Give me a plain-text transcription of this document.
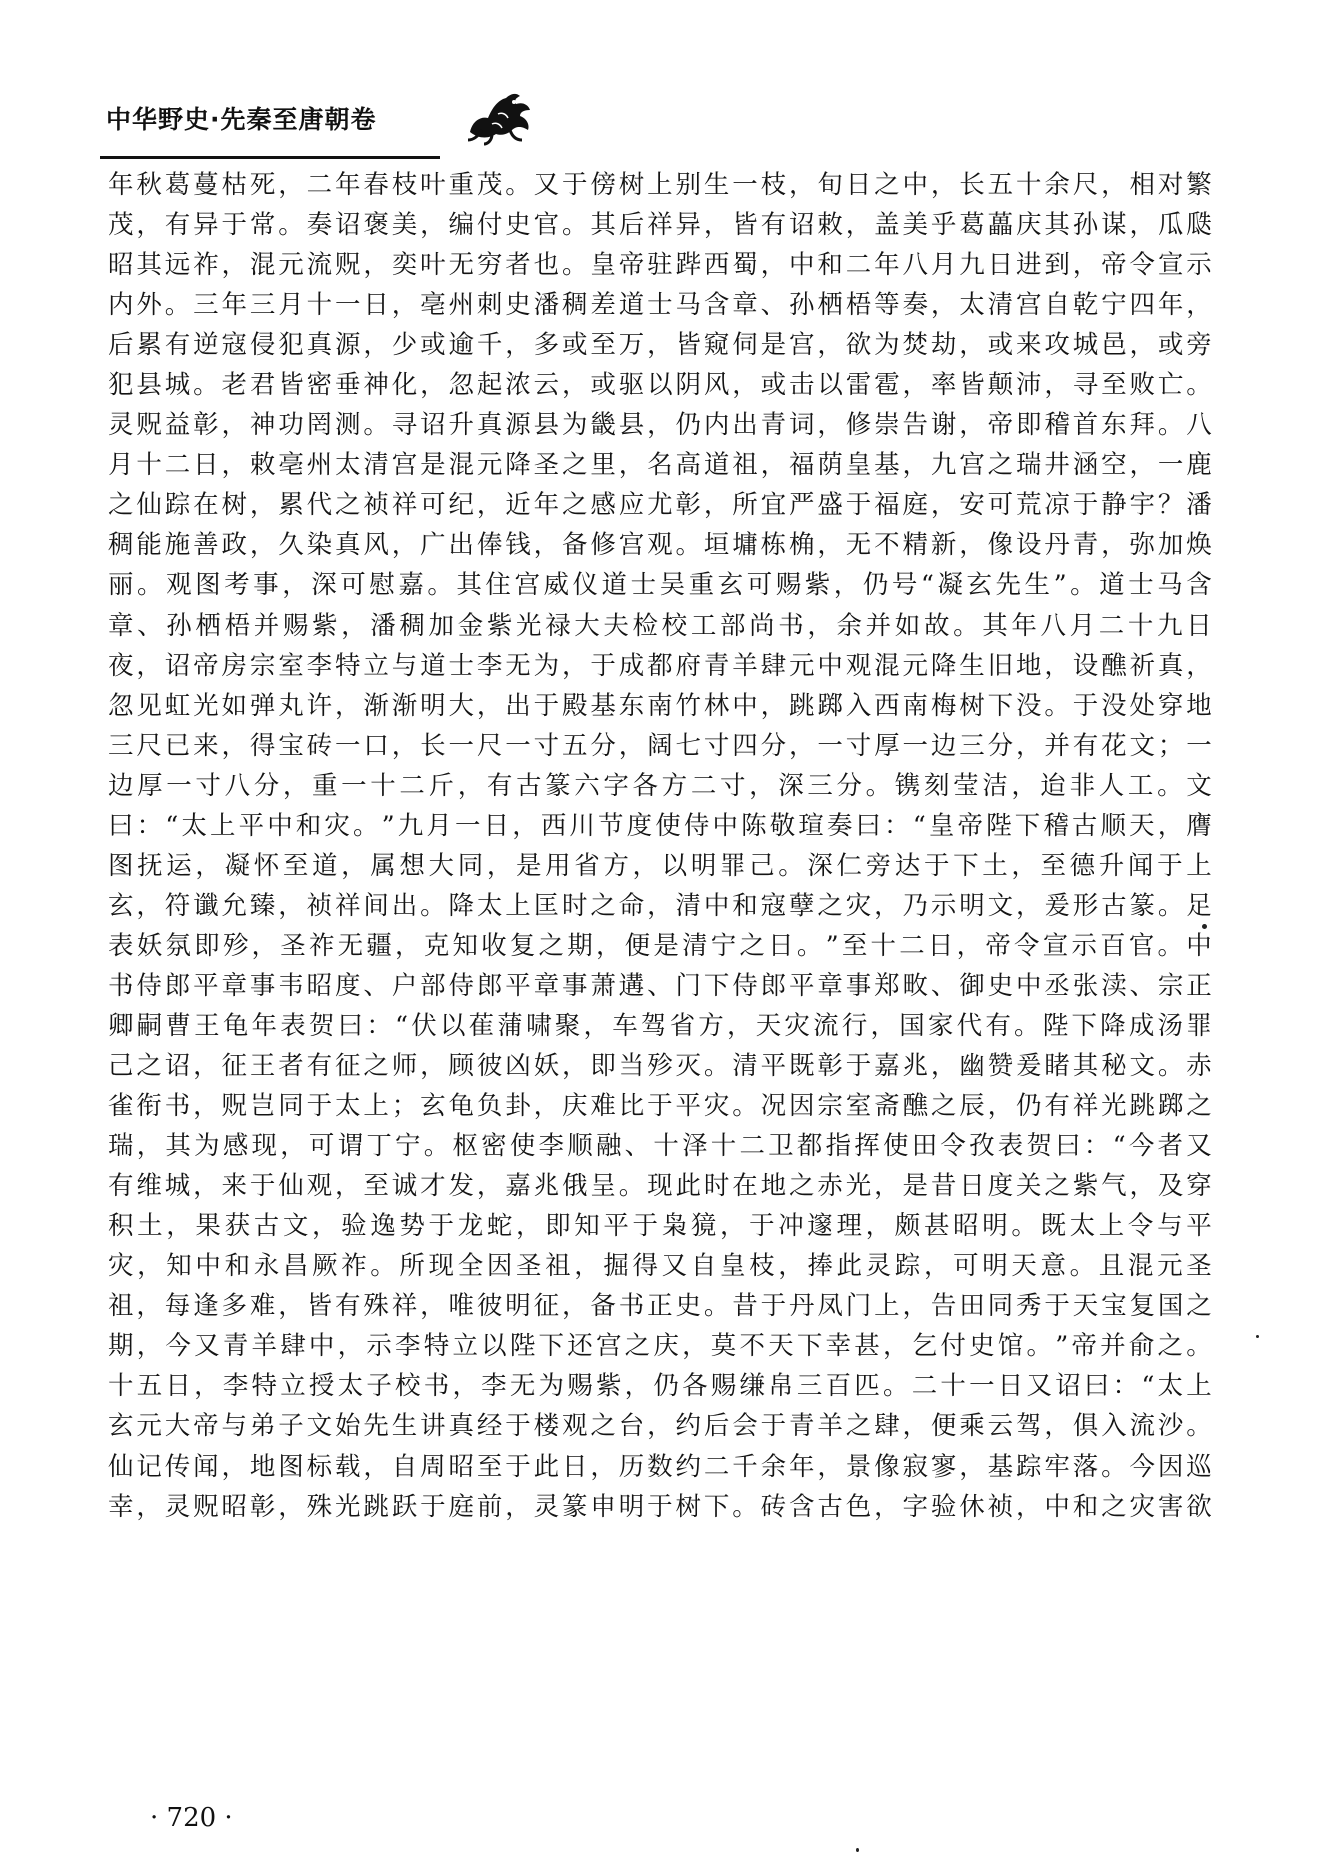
中华野史·先秦至唐朝卷
年 秋 葛 蔓 枯 死 ， 二 年 春 枝 叶 重 茂 。 又 于 傍 树 上 别 生 一 枝 ， 旬 日 之 中 ， 长 五 十 余 尺 ， 相 对 繁
茂 ， 有 异 于 常 。 奏 诏 褒 美 ， 编 付 史 官 。 其 后 祥 异 ， 皆 有 诏 敕 ， 盖 美 乎 葛 藟 庆 其 孙 谋 ， 瓜 瓞
昭 其 远 祚 ， 混 元 流 贶 ， 奕 叶 无 穷 者 也 。 皇 帝 驻 跸 西 蜀 ， 中 和 二 年 八 月 九 日 进 到 ， 帝 令 宣 示
内 外 。 三 年 三 月 十 一 日 ， 亳 州 刺 史 潘 稠 差 道 士 马 含 章 、 孙 栖 梧 等 奏 ， 太 清 宫 自 乾 宁 四 年 ，
后 累 有 逆 寇 侵 犯 真 源 ， 少 或 逾 千 ， 多 或 至 万 ， 皆 窥 伺 是 宫 ， 欲 为 焚 劫 ， 或 来 攻 城 邑 ， 或 旁
犯 县 城 。 老 君 皆 密 垂 神 化 ， 忽 起 浓 云 ， 或 驱 以 阴 风 ， 或 击 以 雷 雹 ， 率 皆 颠 沛 ， 寻 至 败 亡 。
灵 贶 益 彰 ， 神 功 罔 测 。 寻 诏 升 真 源 县 为 畿 县 ， 仍 内 出 青 词 ， 修 崇 告 谢 ， 帝 即 稽 首 东 拜 。 八
月 十 二 日 ， 敕 亳 州 太 清 宫 是 混 元 降 圣 之 里 ， 名 高 道 祖 ， 福 荫 皇 基 ， 九 宫 之 瑞 井 涵 空 ， 一 鹿
之 仙 踪 在 树 ， 累 代 之 祯 祥 可 纪 ， 近 年 之 感 应 尤 彰 ， 所 宜 严 盛 于 福 庭 ， 安 可 荒 凉 于 静 宇 ？ 潘
稠 能 施 善 政 ， 久 染 真 风 ， 广 出 俸 钱 ， 备 修 宫 观 。 垣 墉 栋 桷 ， 无 不 精 新 ， 像 设 丹 青 ， 弥 加 焕
丽 。 观 图 考 事 ， 深 可 慰 嘉 。 其 住 宫 威 仪 道 士 吴 重 玄 可 赐 紫 ， 仍 号 “ 凝 玄 先 生 ” 。 道 士 马 含
章 、 孙 栖 梧 并 赐 紫 ， 潘 稠 加 金 紫 光 禄 大 夫 检 校 工 部 尚 书 ， 余 并 如 故 。 其 年 八 月 二 十 九 日
夜 ， 诏 帝 房 宗 室 李 特 立 与 道 士 李 无 为 ， 于 成 都 府 青 羊 肆 元 中 观 混 元 降 生 旧 地 ， 设 醮 祈 真 ，
忽 见 虹 光 如 弹 丸 许 ， 渐 渐 明 大 ， 出 于 殿 基 东 南 竹 林 中 ， 跳 踯 入 西 南 梅 树 下 没 。 于 没 处 穿 地
三 尺 已 来 ， 得 宝 砖 一 口 ， 长 一 尺 一 寸 五 分 ， 阔 七 寸 四 分 ， 一 寸 厚 一 边 三 分 ， 并 有 花 文 ； 一
边 厚 一 寸 八 分 ， 重 一 十 二 斤 ， 有 古 篆 六 字 各 方 二 寸 ， 深 三 分 。 镌 刻 莹 洁 ， 迨 非 人 工 。 文
曰 ： “ 太 上 平 中 和 灾 。 ” 九 月 一 日 ， 西 川 节 度 使 侍 中 陈 敬 瑄 奏 曰 ： “ 皇 帝 陛 下 稽 古 顺 天 ， 膺
图 抚 运 ， 凝 怀 至 道 ， 属 想 大 同 ， 是 用 省 方 ， 以 明 罪 己 。 深 仁 旁 达 于 下 土 ， 至 德 升 闻 于 上
玄 ， 符 谶 允 臻 ， 祯 祥 间 出 。 降 太 上 匡 时 之 命 ， 清 中 和 寇 孽 之 灾 ， 乃 示 明 文 ， 爰 形 古 篆 。 足
表 妖 氛 即 殄 ， 圣 祚 无 疆 ， 克 知 收 复 之 期 ， 便 是 清 宁 之 日 。 ” 至 十 二 日 ， 帝 令 宣 示 百 官 。 中
书 侍 郎 平 章 事 韦 昭 度 、 户 部 侍 郎 平 章 事 萧 遘 、 门 下 侍 郎 平 章 事 郑 畋 、 御 史 中 丞 张 渎 、 宗 正
卿 嗣 曹 王 龟 年 表 贺 曰 ： “ 伏 以 萑 蒲 啸 聚 ， 车 驾 省 方 ， 天 灾 流 行 ， 国 家 代 有 。 陛 下 降 成 汤 罪
己 之 诏 ， 征 王 者 有 征 之 师 ， 顾 彼 凶 妖 ， 即 当 殄 灭 。 清 平 既 彰 于 嘉 兆 ， 幽 赞 爰 睹 其 秘 文 。 赤
雀 衔 书 ， 贶 岂 同 于 太 上 ； 玄 龟 负 卦 ， 庆 难 比 于 平 灾 。 况 因 宗 室 斋 醮 之 辰 ， 仍 有 祥 光 跳 踯 之
瑞 ， 其 为 感 现 ， 可 谓 丁 宁 。 枢 密 使 李 顺 融 、 十 泽 十 二 卫 都 指 挥 使 田 令 孜 表 贺 曰 ： “ 今 者 又
有 维 城 ， 来 于 仙 观 ， 至 诚 才 发 ， 嘉 兆 俄 呈 。 现 此 时 在 地 之 赤 光 ， 是 昔 日 度 关 之 紫 气 ， 及 穿
积 土 ， 果 获 古 文 ， 验 逸 势 于 龙 蛇 ， 即 知 平 于 枭 獍 ， 于 冲 邃 理 ， 颇 甚 昭 明 。 既 太 上 令 与 平
灾 ， 知 中 和 永 昌 厥 祚 。 所 现 全 因 圣 祖 ， 掘 得 又 自 皇 枝 ， 捧 此 灵 踪 ， 可 明 天 意 。 且 混 元 圣
祖 ， 每 逢 多 难 ， 皆 有 殊 祥 ， 唯 彼 明 征 ， 备 书 正 史 。 昔 于 丹 凤 门 上 ， 告 田 同 秀 于 天 宝 复 国 之
期 ， 今 又 青 羊 肆 中 ， 示 李 特 立 以 陛 下 还 宫 之 庆 ， 莫 不 天 下 幸 甚 ， 乞 付 史 馆 。 ” 帝 并 俞 之 。
十 五 日 ， 李 特 立 授 太 子 校 书 ， 李 无 为 赐 紫 ， 仍 各 赐 缣 帛 三 百 匹 。 二 十 一 日 又 诏 曰 ： “ 太 上
玄 元 大 帝 与 弟 子 文 始 先 生 讲 真 经 于 楼 观 之 台 ， 约 后 会 于 青 羊 之 肆 ， 便 乘 云 驾 ， 俱 入 流 沙 。
仙 记 传 闻 ， 地 图 标 载 ， 自 周 昭 至 于 此 日 ， 历 数 约 二 千 余 年 ， 景 像 寂 寥 ， 基 踪 牢 落 。 今 因 巡
幸 ， 灵 贶 昭 彰 ， 殊 光 跳 跃 于 庭 前 ， 灵 篆 申 明 于 树 下 。 砖 含 古 色 ， 字 验 休 祯 ， 中 和 之 灾 害 欲
· 720 ·
